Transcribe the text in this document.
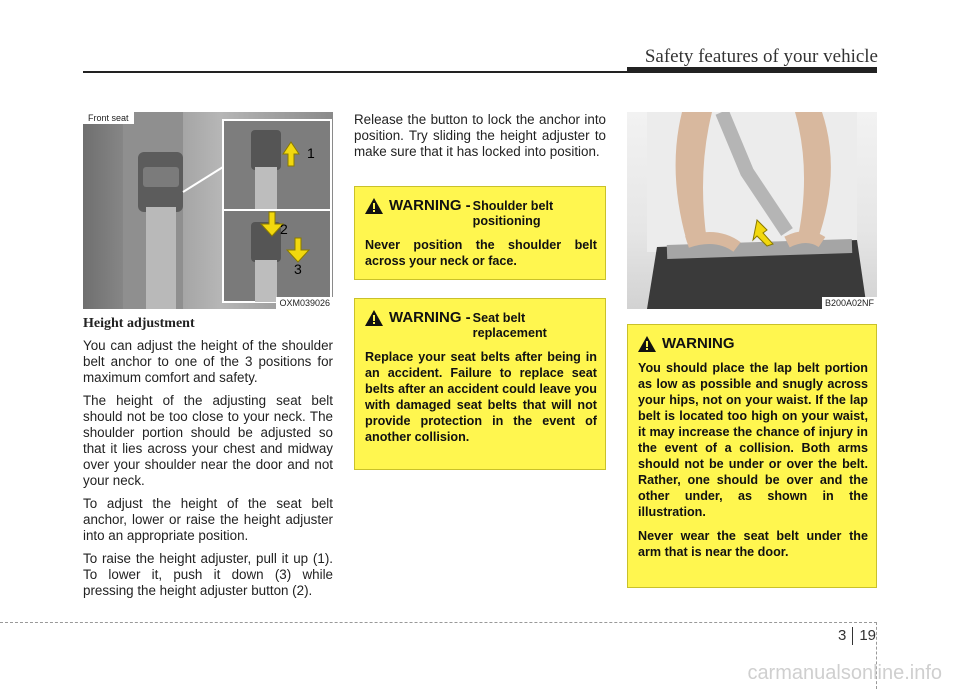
Safety features of your vehicle
1
2
3
Front seat
OXM039026	B200A02NF
Height adjustment

You can adjust the height of the shoulder belt anchor to one of the 3 positions for maximum comfort and safety.

The height of the adjusting seat belt should not be too close to your neck. The shoulder portion should be adjusted so that it lies across your chest and midway over your shoulder near the door and not your neck.

To adjust the height of the seat belt anchor, lower or raise the height adjuster into an appropriate position.

To raise the height adjuster, pull it up (1). To lower it, push it down (3) while pressing the height adjuster button (2).

Release the button to lock the anchor into position. Try sliding the height adjuster to make sure that it has locked into position.
WARNING - Shoulder belt
positioning

Never position the shoulder belt across your neck or face.

WARNING - Seat belt
replacement

Replace your seat belts after being in an accident. Failure to replace seat belts after an accident could leave you with damaged seat belts that will not provide protection in the event of another collision.

WARNING

You should place the lap belt portion as low as possible and snugly across your hips, not on your waist. If the lap belt is located too high on your waist, it may increase the chance of injury in the event of a collision. Both arms should not be under or over the belt. Rather, one should be over and the other under, as shown in the illustration.

Never wear the seat belt under the arm that is near the door.

3 19
carmanualsonline.info
